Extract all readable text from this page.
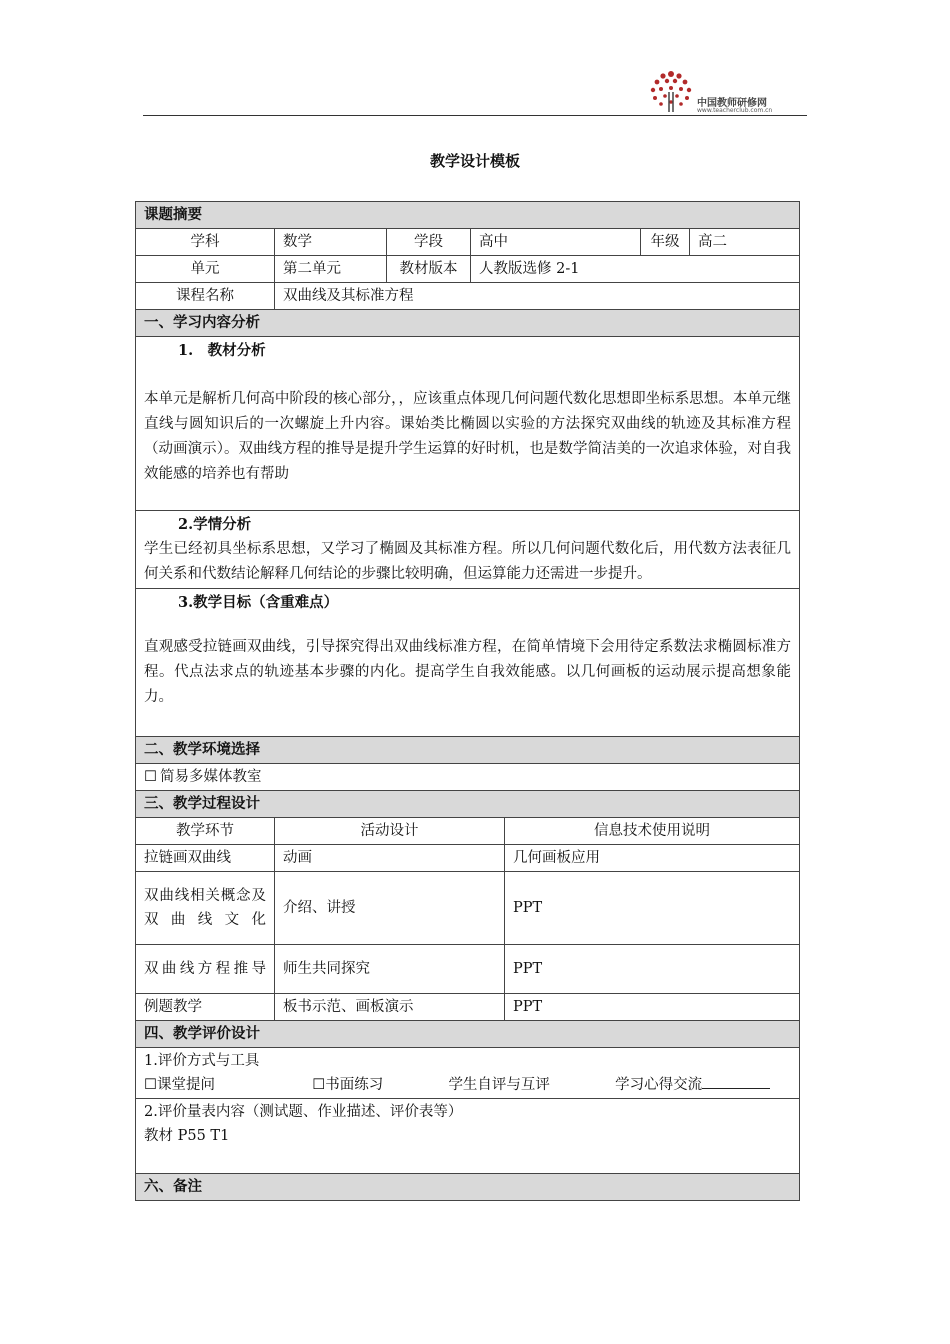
中国教师研修网
www.teacherclub.com.cn
教学设计模板
课题摘要						
学科	数学	学段	高中		年级	高二
单元	第二单元	教材版本	人教版选修 2-1			
课程名称	双曲线及其标准方程					
一、学习内容分析						

1.　教材分析
本单元是解析几何高中阶段的核心部分，，应该重点体现几何问题代数化思想即坐标系思想。本单元继直线与圆知识后的一次螺旋上升内容。课始类比椭圆以实验的方法探究双曲线的轨迹及其标准方程（动画演示）。双曲线方程的推导是提升学生运算的好时机，也是数学简洁美的一次追求体验，对自我效能感的培养也有帮助						

2.学情分析
学生已经初具坐标系思想，又学习了椭圆及其标准方程。所以几何问题代数化后，用代数方法表征几何关系和代数结论解释几何结论的步骤比较明确，但运算能力还需进一步提升。						

3.教学目标（含重难点）
直观感受拉链画双曲线，引导探究得出双曲线标准方程，在简单情境下会用待定系数法求椭圆标准方程。代点法求点的轨迹基本步骤的内化。提高学生自我效能感。以几何画板的运动展示提高想象能力。						

二、教学环境选择						
☐ 简易多媒体教室						
三、教学过程设计						
教学环节	活动设计			信息技术使用说明		
拉链画双曲线	动画			几何画板应用		
双曲线相关概念及双曲线文化	介绍、讲授			PPT		
双曲线方程推导	师生共同探究			PPT		
例题教学	板书示范、画板演示			PPT		
四、教学评价设计						

1.评价方式与工具
☐课堂提问 ☐书面练习 学生自评与互评 学习心得交流						

2.评价量表内容（测试题、作业描述、评价表等）
教材 P55 T1						

六、备注						
